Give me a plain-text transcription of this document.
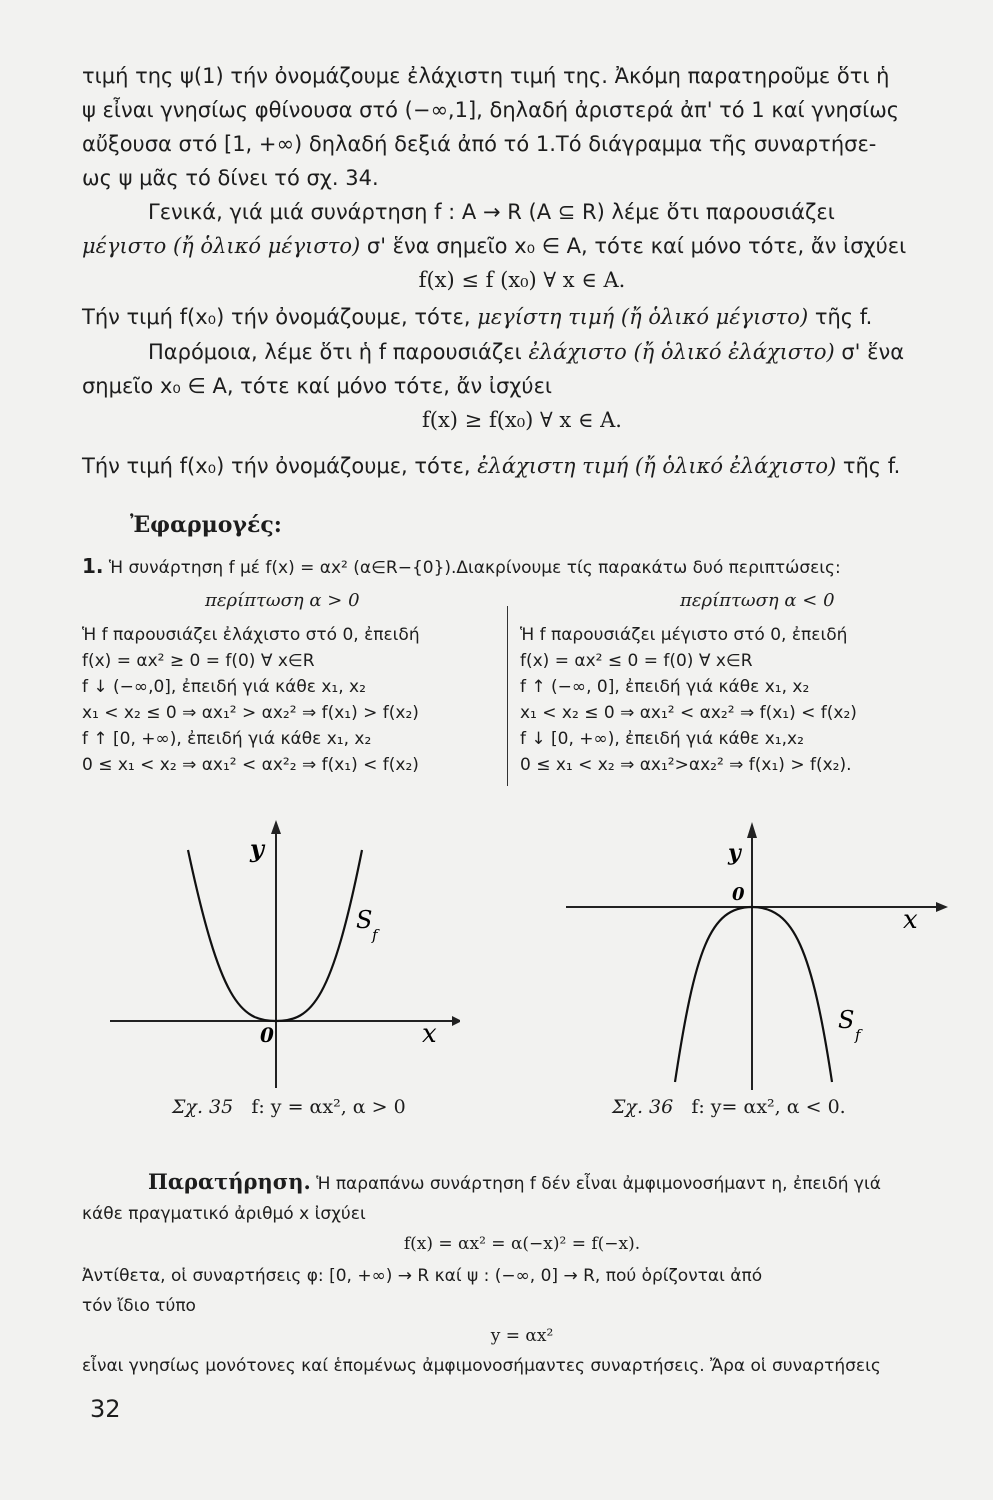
τιμή της ψ(1) τήν ὀνομάζουμε ἐλάχιστη τιμή της. Ἀκόμη παρατηροῦμε ὅτι ἡ
ψ εἶναι γνησίως φθίνουσα στό (−∞,1], δηλαδή ἀριστερά ἀπ' τό 1 καί γνησίως
αὔξουσα στό [1, +∞) δηλαδή δεξιά ἀπό τό 1.Τό διάγραμμα τῆς συναρτήσε-
ως ψ μᾶς τό δίνει τό σχ. 34.
Γενικά, γιά μιά συνάρτηση f : A → R (A ⊆ R) λέμε ὅτι παρουσιάζει
μέγιστο (ἤ ὁλικό μέγιστο) σ' ἕνα σημεῖο x₀ ∈ A, τότε καί μόνο τότε, ἄν ἰσχύει
f(x) ≤ f (x₀) ∀ x ∈ A.
Τήν τιμή f(x₀) τήν ὀνομάζουμε, τότε, μεγίστη τιμή (ἤ ὁλικό μέγιστο) τῆς f.
Παρόμοια, λέμε ὅτι ἡ f παρουσιάζει ἐλάχιστο (ἤ ὁλικό ἐλάχιστο) σ' ἕνα
σημεῖο x₀ ∈ A, τότε καί μόνο τότε, ἄν ἰσχύει
f(x) ≥ f(x₀) ∀ x ∈ A.
Τήν τιμή f(x₀) τήν ὀνομάζουμε, τότε, ἐλάχιστη τιμή (ἤ ὁλικό ἐλάχιστο) τῆς f.
Ἐφαρμογές:
1. Ἡ συνάρτηση f μέ f(x) = αx² (α∈R−{0}).Διακρίνουμε τίς παρακάτω δυό περιπτώσεις:
περίπτωση α > 0	περίπτωση α < 0
Ἡ f παρουσιάζει ἐλάχιστο στό 0, ἐπειδή
f(x) = αx² ≥ 0 = f(0) ∀ x∈R
f ↓ (−∞,0], ἐπειδή γιά κάθε x₁, x₂
x₁ < x₂ ≤ 0 ⇒ αx₁² > αx₂² ⇒ f(x₁) > f(x₂)
f ↑ [0, +∞), ἐπειδή γιά κάθε x₁, x₂
0 ≤ x₁ < x₂ ⇒ αx₁² < αx²₂ ⇒ f(x₁) < f(x₂)
Ἡ f παρουσιάζει μέγιστο στό 0, ἐπειδή
f(x) = αx² ≤ 0 = f(0) ∀ x∈R
f ↑ (−∞, 0], ἐπειδή γιά κάθε x₁, x₂
x₁ < x₂ ≤ 0 ⇒ αx₁² < αx₂² ⇒ f(x₁) < f(x₂)
f ↓ [0, +∞), ἐπειδή γιά κάθε x₁,x₂
0 ≤ x₁ < x₂ ⇒ αx₁²>αx₂² ⇒ f(x₁) > f(x₂).
y
x
0
S
f
y
x
0
S
f
Σχ. 35 f: y = αx², α > 0	Σχ. 36 f: y= αx², α < 0.
Παρατήρηση. Ἡ παραπάνω συνάρτηση f δέν εἶναι ἀμφιμονοσήμαντ η, ἐπειδή γιά
κάθε πραγματικό ἀριθμό x ἰσχύει
f(x) = αx² = α(−x)² = f(−x).
Ἀντίθετα, οἱ συναρτήσεις φ: [0, +∞) → R καί ψ : (−∞, 0] → R, πού ὁρίζονται ἀπό
τόν ἴδιο τύπο
y = αx²
εἶναι γνησίως μονότονες καί ἑπομένως ἀμφιμονοσήμαντες συναρτήσεις. Ἄρα οἱ συναρτήσεις
32
